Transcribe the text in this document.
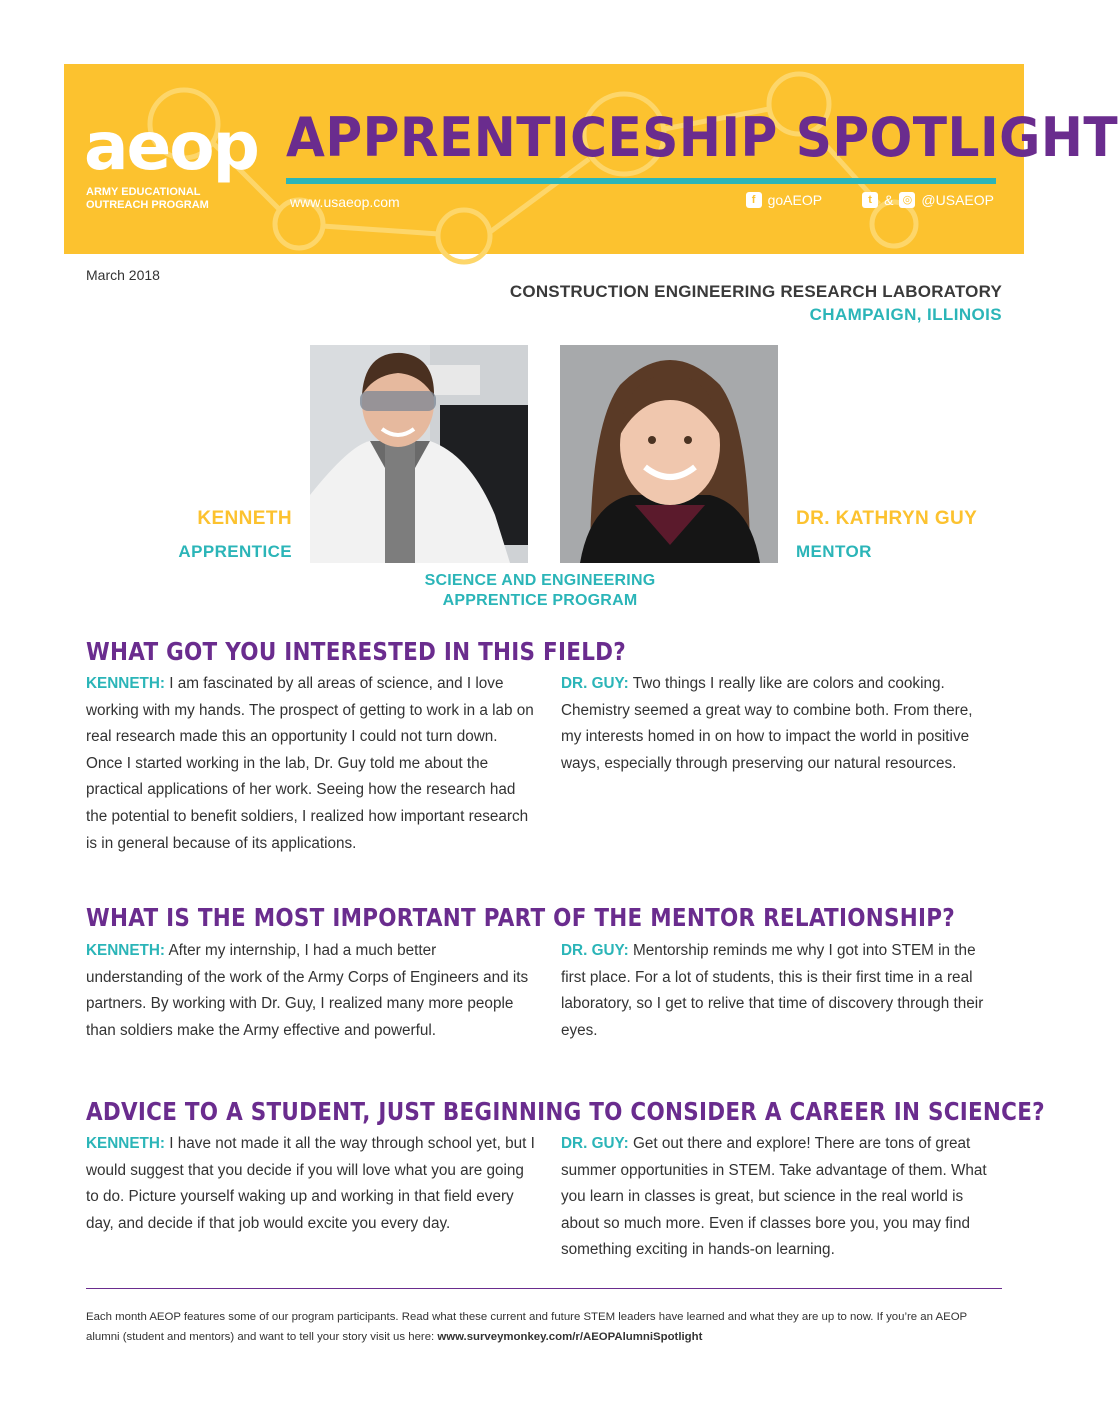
aeop
ARMY EDUCATIONAL OUTREACH PROGRAM
APPRENTICESHIP SPOTLIGHT
www.usaeop.com	f goAEOP	t & ◎ @USAEOP
March 2018
CONSTRUCTION ENGINEERING RESEARCH LABORATORY
CHAMPAIGN, ILLINOIS
KENNETH
APPRENTICE
DR. KATHRYN GUY
MENTOR
SCIENCE AND ENGINEERING APPRENTICE PROGRAM
WHAT GOT YOU INTERESTED IN THIS FIELD?
KENNETH: I am fascinated by all areas of science, and I love working with my hands. The prospect of getting to work in a lab on real research made this an opportunity I could not turn down. Once I started working in the lab, Dr. Guy told me about the practical applications of her work. Seeing how the research had the potential to benefit soldiers, I realized how important research is in general because of its applications.
DR. GUY: Two things I really like are colors and cooking. Chemistry seemed a great way to combine both. From there, my interests homed in on how to impact the world in positive ways, especially through preserving our natural resources.
WHAT IS THE MOST IMPORTANT PART OF THE MENTOR RELATIONSHIP?
KENNETH: After my internship, I had a much better understanding of the work of the Army Corps of Engineers and its partners. By working with Dr. Guy, I realized many more people than soldiers make the Army effective and powerful.
DR. GUY: Mentorship reminds me why I got into STEM in the first place. For a lot of students, this is their first time in a real laboratory, so I get to relive that time of discovery through their eyes.
ADVICE TO A STUDENT, JUST BEGINNING TO CONSIDER A CAREER IN SCIENCE?
KENNETH: I have not made it all the way through school yet, but I would suggest that you decide if you will love what you are going to do. Picture yourself waking up and working in that field every day, and decide if that job would excite you every day.
DR. GUY: Get out there and explore! There are tons of great summer opportunities in STEM. Take advantage of them. What you learn in classes is great, but science in the real world is about so much more. Even if classes bore you, you may find something exciting in hands-on learning.
Each month AEOP features some of our program participants. Read what these current and future STEM leaders have learned and what they are up to now. If you’re an AEOP alumni (student and mentors) and want to tell your story visit us here: www.surveymonkey.com/r/AEOPAlumniSpotlight
